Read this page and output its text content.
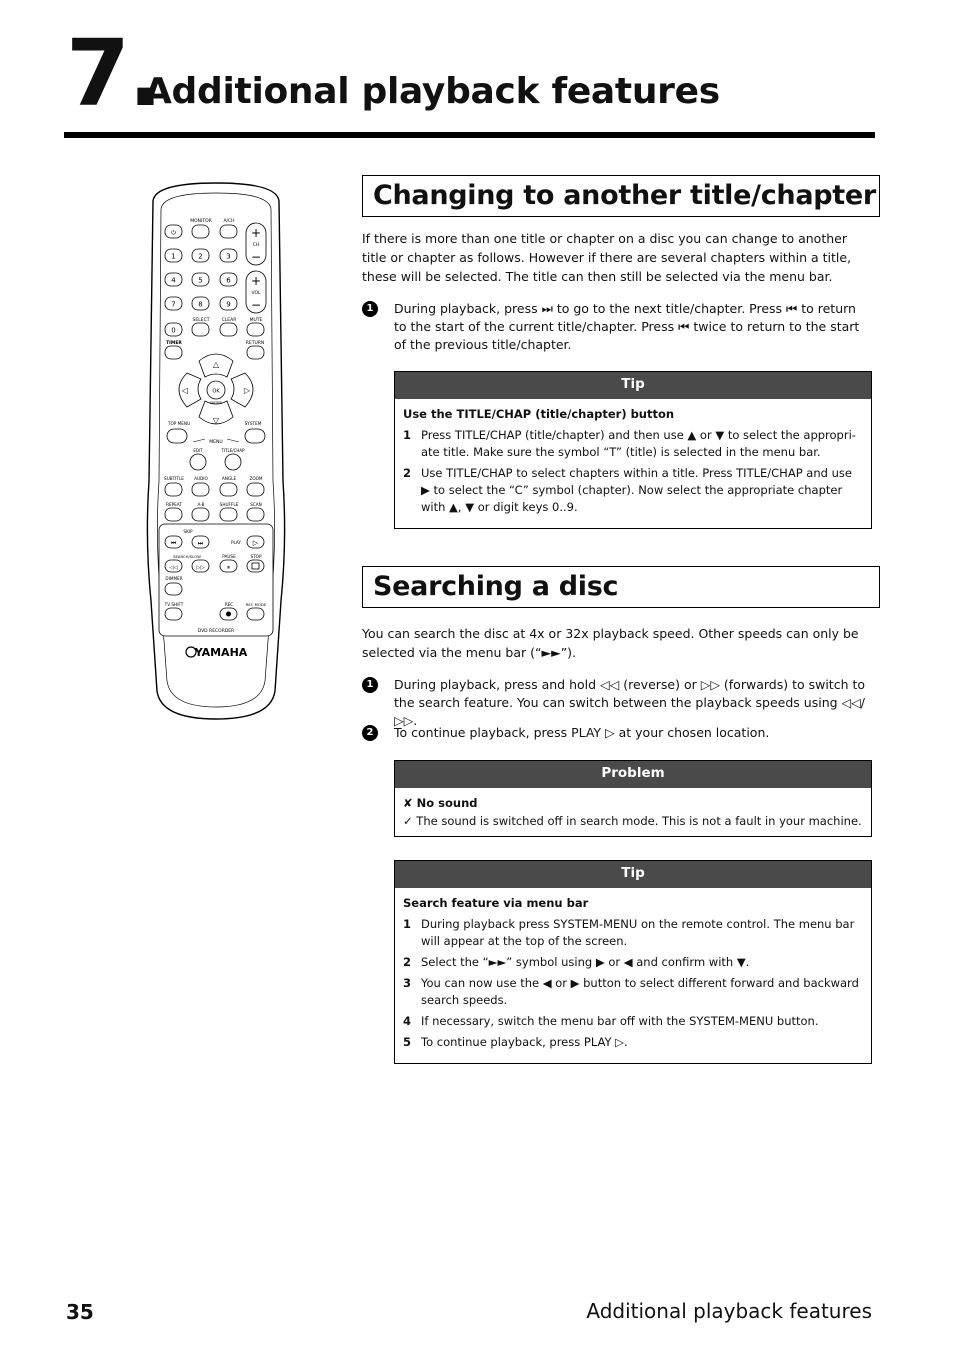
7.
Additional playback features
MONITOR	A/CH
⏻	+
CH
−
1	2	3
4	5	6
7	8	9
0
+
VOL
−
SELECT	CLEAR	MUTE
TIMER	RETURN
△
▽
◁	▷
OK
ENTER
TOP MENU	SYSTEM
MENU
EDIT	TITLE/CHAP
SUBTITLE AUDIO	ANGLE	ZOOM
REPEAT	A-B	SHUFFLE	SCAN
SKIP
PLAY
⏮	⏭	▷
SEARCH/SLOW	PAUSE	STOP
◁◁	▷▷	⏸
DIMMER
TV SHIFT	REC	REC MODE
DVD RECORDER
YAMAHA
Changing to another title/chapter

If there is more than one title or chapter on a disc you can change to another title or chapter as follows. However if there are several chapters within a title, these will be selected. The title can then still be selected via the menu bar.

1	During playback, press ⏭ to go to the next title/chapter. Press ⏮ to return to the start of the current title/chapter. Press ⏮ twice to return to the start of the previous title/chapter.
Tip
Use the TITLE/CHAP (title/chapter) button
1 Press TITLE/CHAP (title/chapter) and then use ▲ or ▼ to select the appropri-ate title. Make sure the symbol “T” (title) is selected in the menu bar.
2 Use TITLE/CHAP to select chapters within a title. Press TITLE/CHAP and use ▶ to select the “C” symbol (chapter). Now select the appropriate chapter with ▲, ▼ or digit keys 0..9.
Searching a disc

You can search the disc at 4x or 32x playback speed. Other speeds can only be selected via the menu bar (“►►”).

1	During playback, press and hold ◁◁ (reverse) or ▷▷ (forwards) to switch to the search feature. You can switch between the playback speeds using ◁◁/▷▷.
2	To continue playback, press PLAY ▷ at your chosen location.
Problem
✘ No sound
✓ The sound is switched off in search mode. This is not a fault in your machine.
Tip
Search feature via menu bar
1 During playback press SYSTEM-MENU on the remote control. The menu bar will appear at the top of the screen.
2 Select the “►►” symbol using ▶ or ◀ and confirm with ▼.
3 You can now use the ◀ or ▶ button to select different forward and backward search speeds.
4 If necessary, switch the menu bar off with the SYSTEM-MENU button.
5 To continue playback, press PLAY ▷.
35	Additional playback features
